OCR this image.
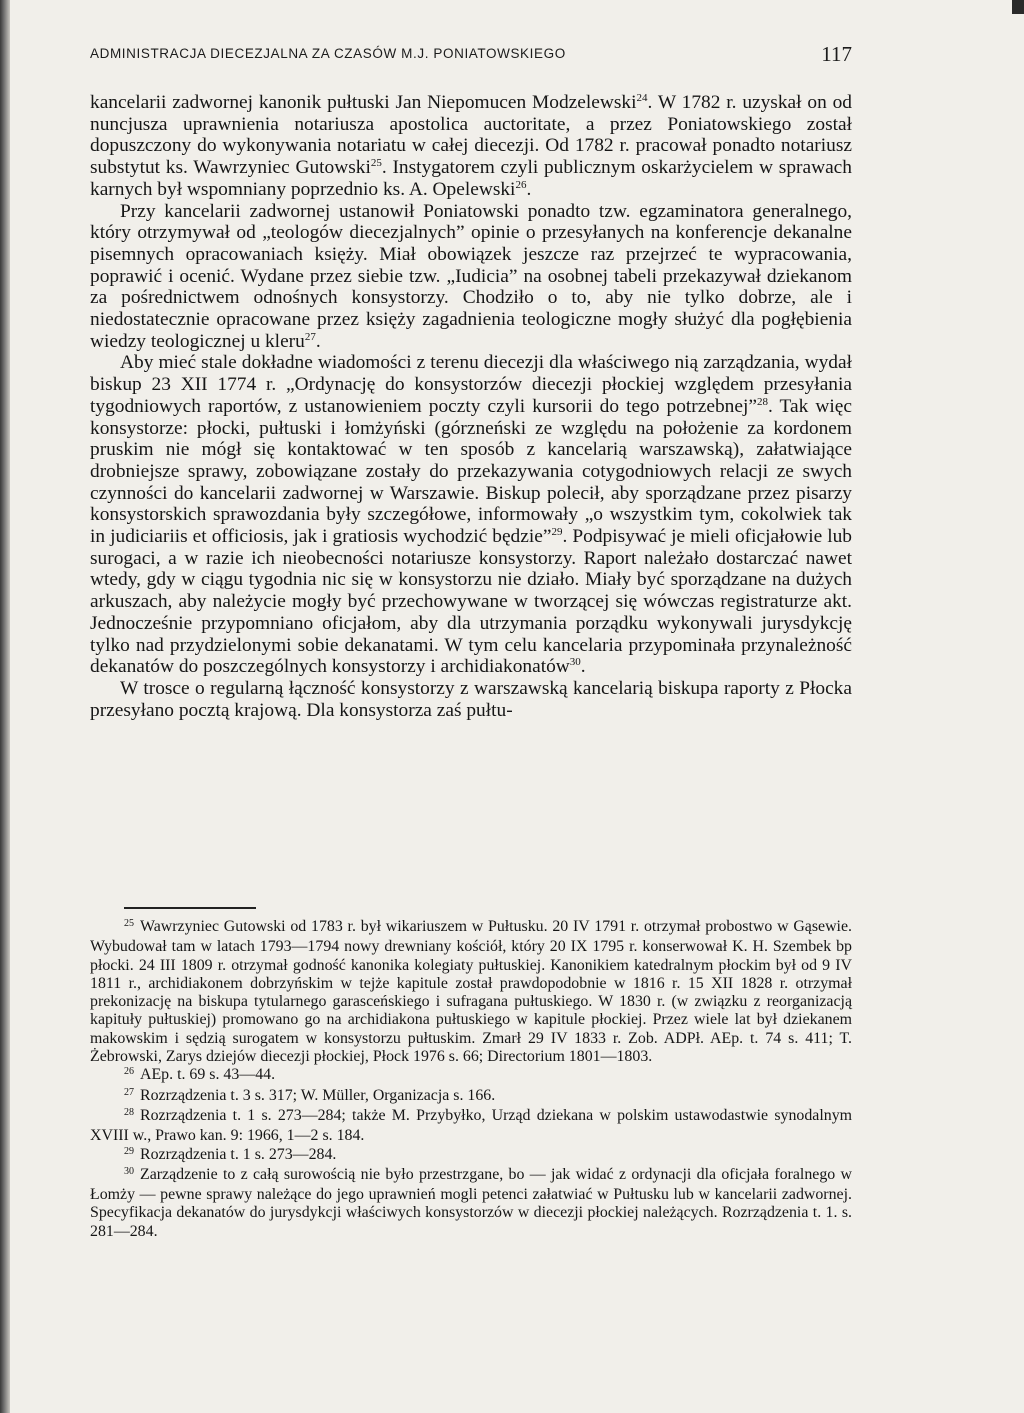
ADMINISTRACJA DIECEZJALNA ZA CZASÓW M.J. PONIATOWSKIEGO	117

kancelarii zadwornej kanonik pułtuski Jan Niepomucen Modzelewski$^{24}$. W 1782 r. uzyskał on od nuncjusza uprawnienia notariusza apostolica auctoritate, a przez Poniatowskiego został dopuszczony do wykonywania notariatu w całej diecezji. Od 1782 r. pracował ponadto notariusz substytut ks. Wawrzyniec Gutowski$^{25}$. Instygatorem czyli publicznym oskarżycielem w sprawach karnych był wspomniany poprzednio ks. A. Opelewski$^{26}$.

Przy kancelarii zadwornej ustanowił Poniatowski ponadto tzw. egzaminatora generalnego, który otrzymywał od „teologów diecezjalnych” opinie o przesyłanych na konferencje dekanalne pisemnych opracowaniach księży. Miał obowiązek jeszcze raz przejrzeć te wypracowania, poprawić i ocenić. Wydane przez siebie tzw. „Iudicia” na osobnej tabeli przekazywał dziekanom za pośrednictwem odnośnych konsystorzy. Chodziło o to, aby nie tylko dobrze, ale i niedostatecznie opracowane przez księży zagadnienia teologiczne mogły służyć dla pogłębienia wiedzy teologicznej u kleru$^{27}$.

Aby mieć stale dokładne wiadomości z terenu diecezji dla właściwego nią zarządzania, wydał biskup 23 XII 1774 r. „Ordynację do konsystorzów diecezji płockiej względem przesyłania tygodniowych raportów, z ustanowieniem poczty czyli kursorii do tego potrzebnej”$^{28}$. Tak więc konsystorze: płocki, pułtuski i łomżyński (górzneński ze względu na położenie za kordonem pruskim nie mógł się kontaktować w ten sposób z kancelarią warszawską), załatwiające drobniejsze sprawy, zobowiązane zostały do przekazywania cotygodniowych relacji ze swych czynności do kancelarii zadwornej w Warszawie. Biskup polecił, aby sporządzane przez pisarzy konsystorskich sprawozdania były szczegółowe, informowały „o wszystkim tym, cokolwiek tak in judiciariis et officiosis, jak i gratiosis wychodzić będzie”$^{29}$. Podpisywać je mieli oficjałowie lub surogaci, a w razie ich nieobecności notariusze konsystorzy. Raport należało dostarczać nawet wtedy, gdy w ciągu tygodnia nic się w konsystorzu nie działo. Miały być sporządzane na dużych arkuszach, aby należycie mogły być przechowywane w tworzącej się wówczas registraturze akt. Jednocześnie przypomniano oficjałom, aby dla utrzymania porządku wykonywali jurysdykcję tylko nad przydzielonymi sobie dekanatami. W tym celu kancelaria przypominała przynależność dekanatów do poszczególnych konsystorzy i archidiakonatów$^{30}$.

W trosce o regularną łączność konsystorzy z warszawską kancelarią biskupa raporty z Płocka przesyłano pocztą krajową. Dla konsystorza zaś pułtu-

$^{25}$ Wawrzyniec Gutowski od 1783 r. był wikariuszem w Pułtusku. 20 IV 1791 r. otrzymał probostwo w Gąsewie. Wybudował tam w latach 1793—1794 nowy drewniany kościół, który 20 IX 1795 r. konserwował K. H. Szembek bp płocki. 24 III 1809 r. otrzymał godność kanonika kolegiaty pułtuskiej. Kanonikiem katedralnym płockim był od 9 IV 1811 r., archidiakonem dobrzyńskim w tejże kapitule został prawdopodobnie w 1816 r. 15 XII 1828 r. otrzymał prekonizację na biskupa tytularnego garasceńskiego i sufragana pułtuskiego. W 1830 r. (w związku z reorganizacją kapituły pułtuskiej) promowano go na archidiakona pułtuskiego w kapitule płockiej. Przez wiele lat był dziekanem makowskim i sędzią surogatem w konsystorzu pułtuskim. Zmarł 29 IV 1833 r. Zob. ADPł. AEp. t. 74 s. 411; T. Żebrowski, Zarys dziejów diecezji płockiej, Płock 1976 s. 66; Directorium 1801—1803.

$^{26}$ AEp. t. 69 s. 43—44.

$^{27}$ Rozrządzenia t. 3 s. 317; W. Müller, Organizacja s. 166.

$^{28}$ Rozrządzenia t. 1 s. 273—284; także M. Przybyłko, Urząd dziekana w polskim ustawodastwie synodalnym XVIII w., Prawo kan. 9: 1966, 1—2 s. 184.

$^{29}$ Rozrządzenia t. 1 s. 273—284.

$^{30}$ Zarządzenie to z całą surowością nie było przestrzgane, bo — jak widać z ordynacji dla oficjała foralnego w Łomży — pewne sprawy należące do jego uprawnień mogli petenci załatwiać w Pułtusku lub w kancelarii zadwornej. Specyfikacja dekanatów do jurysdykcji właściwych konsystorzów w diecezji płockiej należących. Rozrządzenia t. 1. s. 281—284.
